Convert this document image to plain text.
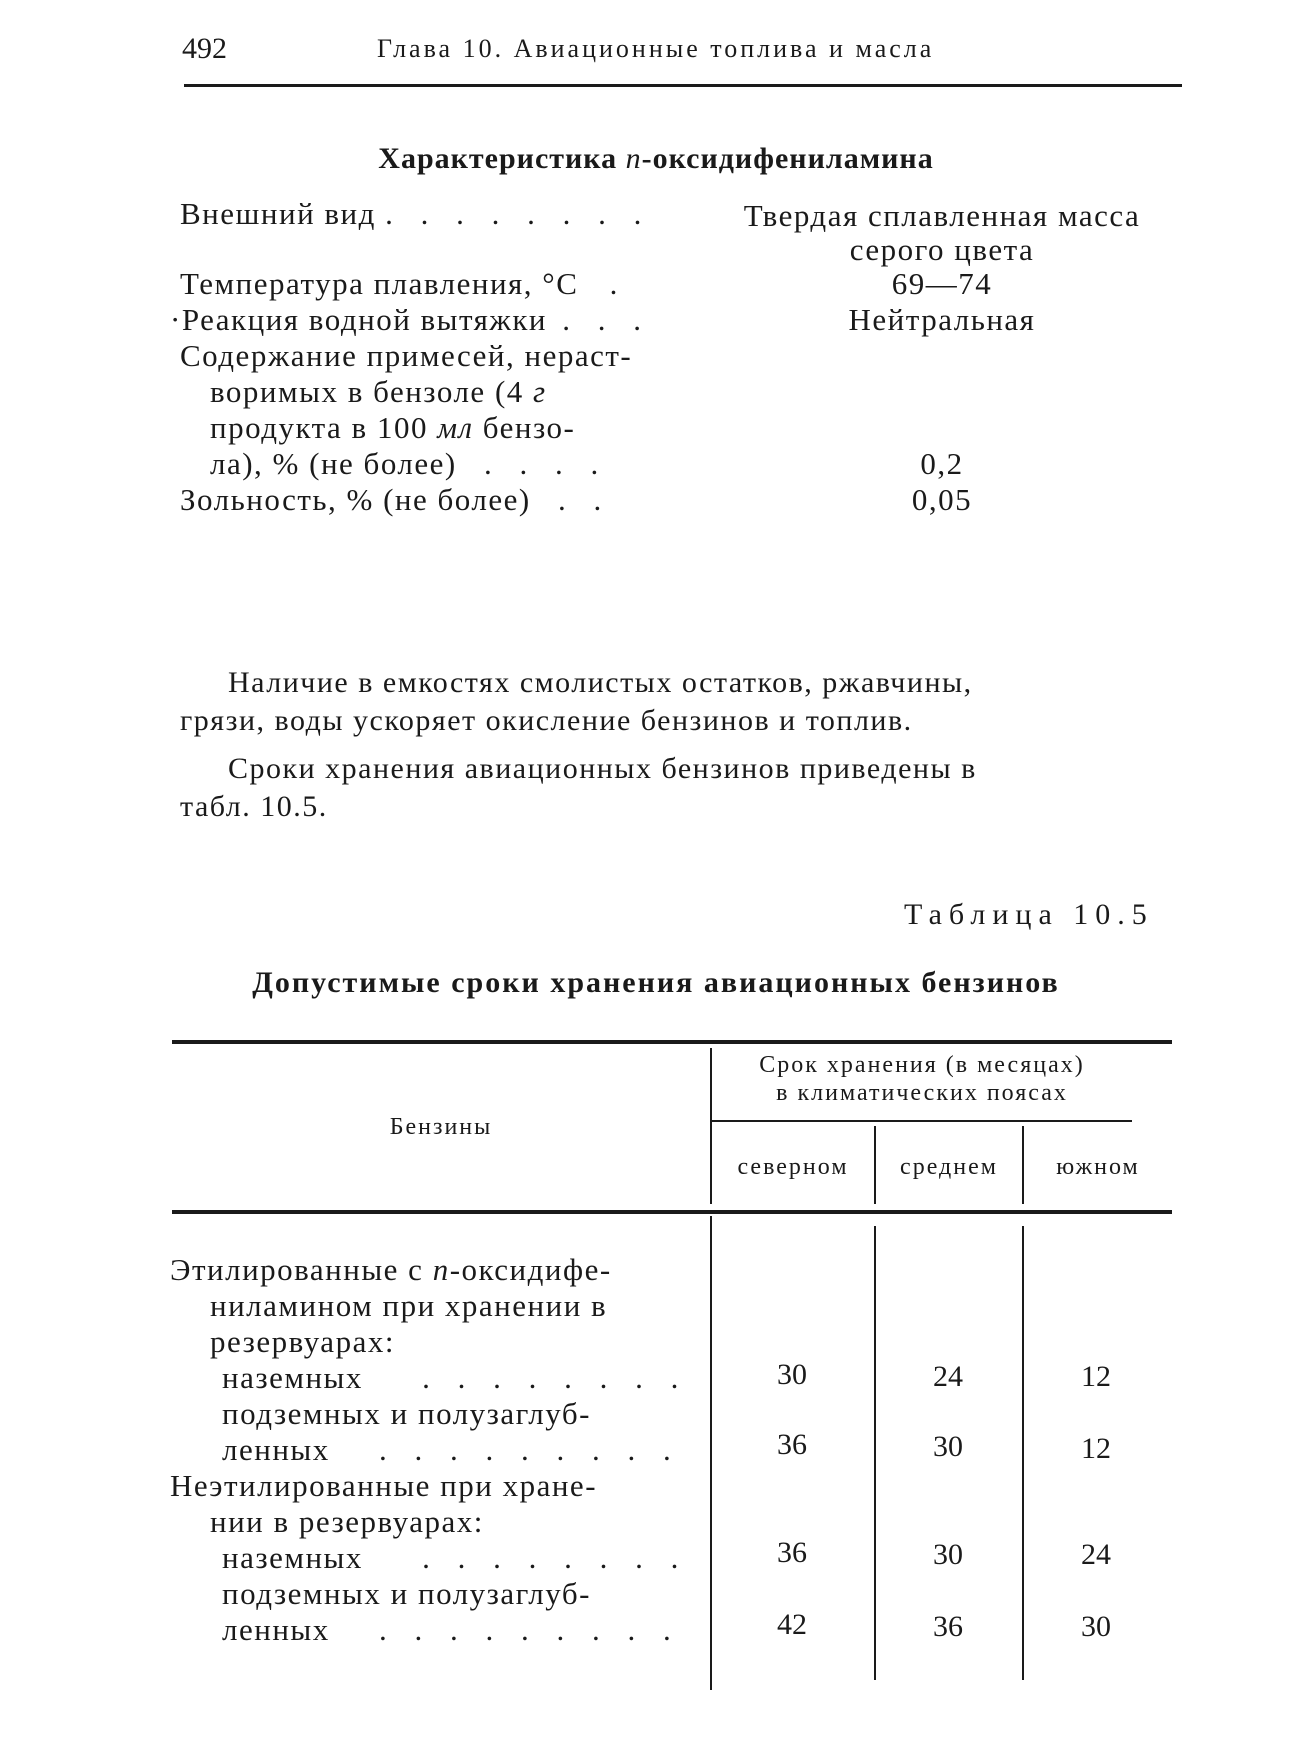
492	Глава 10. Авиационные топлива и масла
Характеристика п-оксидифениламина
Внешний вид . . . . . . . .	Твердая сплавленная масса
серого цвета
Температура плавления, °С .	69—74
·Реакция водной вытяжки . . .	Нейтральная
Содержание примесей, нераст-
воримых в бензоле (4 г
продукта в 100 мл бензо-
ла), % (не более) . . . .	0,2
Зольность, % (не более) . .	0,05
Наличие в емкостях смолистых остатков, ржавчины,
грязи, воды ускоряет окисление бензинов и топлив.
Сроки хранения авиационных бензинов приведены в
табл. 10.5.
Таблица 10.5
Допустимые сроки хранения авиационных бензинов
Бензины
Срок хранения (в месяцах)
в климатических поясах
северном	среднем	южном
Этилированные с п-оксидифе-
ниламином при хранении в
резервуарах:
наземных . . . . . . . .	30	24	12
подземных и полузаглуб-
ленных . . . . . . . . .	36	30	12
Неэтилированные при хране-
нии в резервуарах:
наземных . . . . . . . .	36	30	24
подземных и полузаглуб-
ленных . . . . . . . . .	42	36	30
